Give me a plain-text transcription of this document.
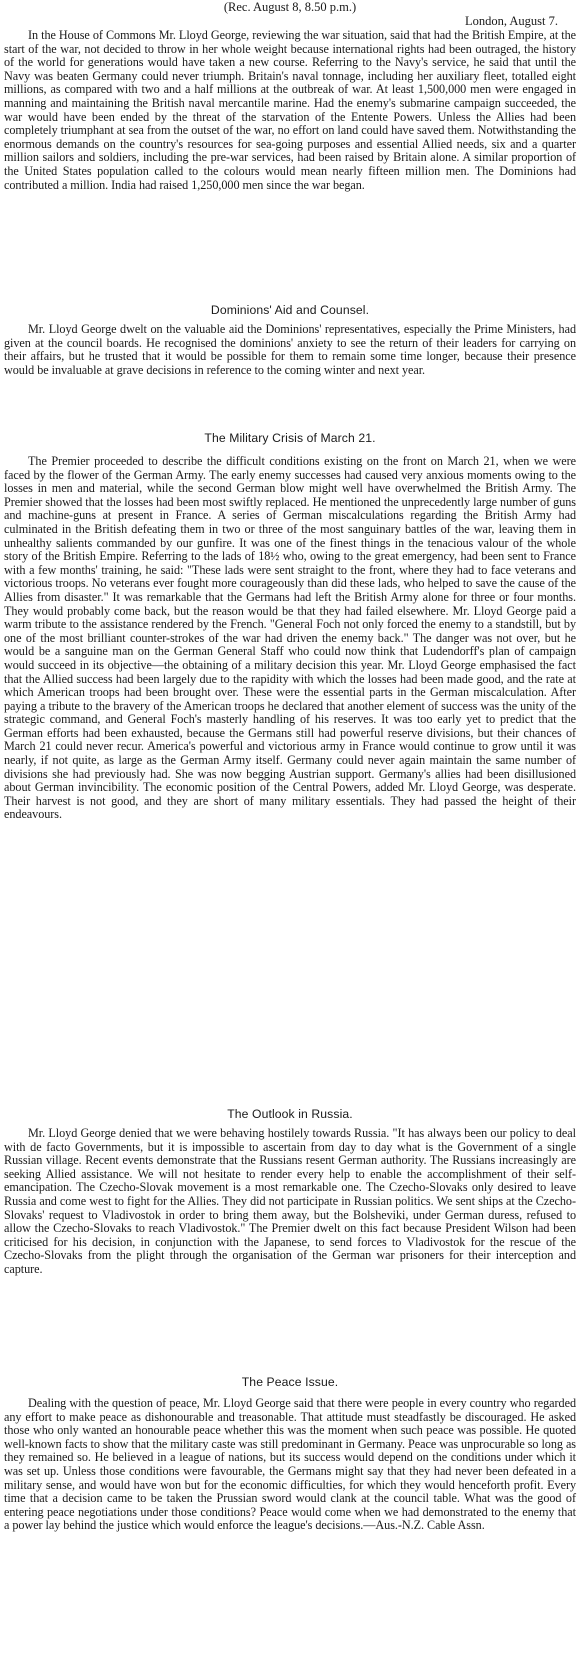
(Rec. August 8, 8.50 p.m.)
London, August 7.

In the House of Commons Mr. Lloyd George, reviewing the war situation, said that had the British Empire, at the start of the war, not decided to throw in her whole weight because international rights had been outraged, the history of the world for generations would have taken a new course. Referring to the Navy's service, he said that until the Navy was beaten Germany could never triumph. Britain's naval tonnage, including her auxiliary fleet, totalled eight millions, as compared with two and a half millions at the outbreak of war. At least 1,500,000 men were engaged in manning and maintaining the British naval mercantile marine. Had the enemy's submarine campaign succeeded, the war would have been ended by the threat of the starvation of the Entente Powers. Unless the Allies had been completely triumphant at sea from the outset of the war, no effort on land could have saved them. Notwithstanding the enormous demands on the country's resources for sea-going purposes and essential Allied needs, six and a quarter million sailors and soldiers, including the pre-war services, had been raised by Britain alone. A similar proportion of the United States population called to the colours would mean nearly fifteen million men. The Dominions had contributed a million. India had raised 1,250,000 men since the war began.

Dominions' Aid and Counsel.

Mr. Lloyd George dwelt on the valuable aid the Dominions' representatives, especially the Prime Ministers, had given at the council boards. He recognised the dominions' anxiety to see the return of their leaders for carrying on their affairs, but he trusted that it would be possible for them to remain some time longer, because their presence would be invaluable at grave decisions in reference to the coming winter and next year.

The Military Crisis of March 21.

The Premier proceeded to describe the difficult conditions existing on the front on March 21, when we were faced by the flower of the German Army. The early enemy successes had caused very anxious moments owing to the losses in men and material, while the second German blow might well have overwhelmed the British Army. The Premier showed that the losses had been most swiftly replaced. He mentioned the unprecedently large number of guns and machine-guns at present in France. A series of German miscalculations regarding the British Army had culminated in the British defeating them in two or three of the most sanguinary battles of the war, leaving them in unhealthy salients commanded by our gunfire. It was one of the finest things in the tenacious valour of the whole story of the British Empire. Referring to the lads of 18½ who, owing to the great emergency, had been sent to France with a few months' training, he said: "These lads were sent straight to the front, where they had to face veterans and victorious troops. No veterans ever fought more courageously than did these lads, who helped to save the cause of the Allies from disaster." It was remarkable that the Germans had left the British Army alone for three or four months. They would probably come back, but the reason would be that they had failed elsewhere. Mr. Lloyd George paid a warm tribute to the assistance rendered by the French. "General Foch not only forced the enemy to a standstill, but by one of the most brilliant counter-strokes of the war had driven the enemy back." The danger was not over, but he would be a sanguine man on the German General Staff who could now think that Ludendorff's plan of campaign would succeed in its objective—the obtaining of a military decision this year. Mr. Lloyd George emphasised the fact that the Allied success had been largely due to the rapidity with which the losses had been made good, and the rate at which American troops had been brought over. These were the essential parts in the German miscalculation. After paying a tribute to the bravery of the American troops he declared that another element of success was the unity of the strategic command, and General Foch's masterly handling of his reserves. It was too early yet to predict that the German efforts had been exhausted, because the Germans still had powerful reserve divisions, but their chances of March 21 could never recur. America's powerful and victorious army in France would continue to grow until it was nearly, if not quite, as large as the German Army itself. Germany could never again maintain the same number of divisions she had previously had. She was now begging Austrian support. Germany's allies had been disillusioned about German invincibility. The economic position of the Central Powers, added Mr. Lloyd George, was desperate. Their harvest is not good, and they are short of many military essentials. They had passed the height of their endeavours.

The Outlook in Russia.

Mr. Lloyd George denied that we were behaving hostilely towards Russia. "It has always been our policy to deal with de facto Governments, but it is impossible to ascertain from day to day what is the Government of a single Russian village. Recent events demonstrate that the Russians resent German authority. The Russians increasingly are seeking Allied assistance. We will not hesitate to render every help to enable the accomplishment of their self-emancipation. The Czecho-Slovak movement is a most remarkable one. The Czecho-Slovaks only desired to leave Russia and come west to fight for the Allies. They did not participate in Russian politics. We sent ships at the Czecho-Slovaks' request to Vladivostok in order to bring them away, but the Bolsheviki, under German duress, refused to allow the Czecho-Slovaks to reach Vladivostok." The Premier dwelt on this fact because President Wilson had been criticised for his decision, in conjunction with the Japanese, to send forces to Vladivostok for the rescue of the Czecho-Slovaks from the plight through the organisation of the German war prisoners for their interception and capture.

The Peace Issue.

Dealing with the question of peace, Mr. Lloyd George said that there were people in every country who regarded any effort to make peace as dishonourable and treasonable. That attitude must steadfastly be discouraged. He asked those who only wanted an honourable peace whether this was the moment when such peace was possible. He quoted well-known facts to show that the military caste was still predominant in Germany. Peace was unprocurable so long as they remained so. He believed in a league of nations, but its success would depend on the conditions under which it was set up. Unless those conditions were favourable, the Germans might say that they had never been defeated in a military sense, and would have won but for the economic difficulties, for which they would henceforth profit. Every time that a decision came to be taken the Prussian sword would clank at the council table. What was the good of entering peace negotiations under those conditions? Peace would come when we had demonstrated to the enemy that a power lay behind the justice which would enforce the league's decisions.—Aus.-N.Z. Cable Assn.
